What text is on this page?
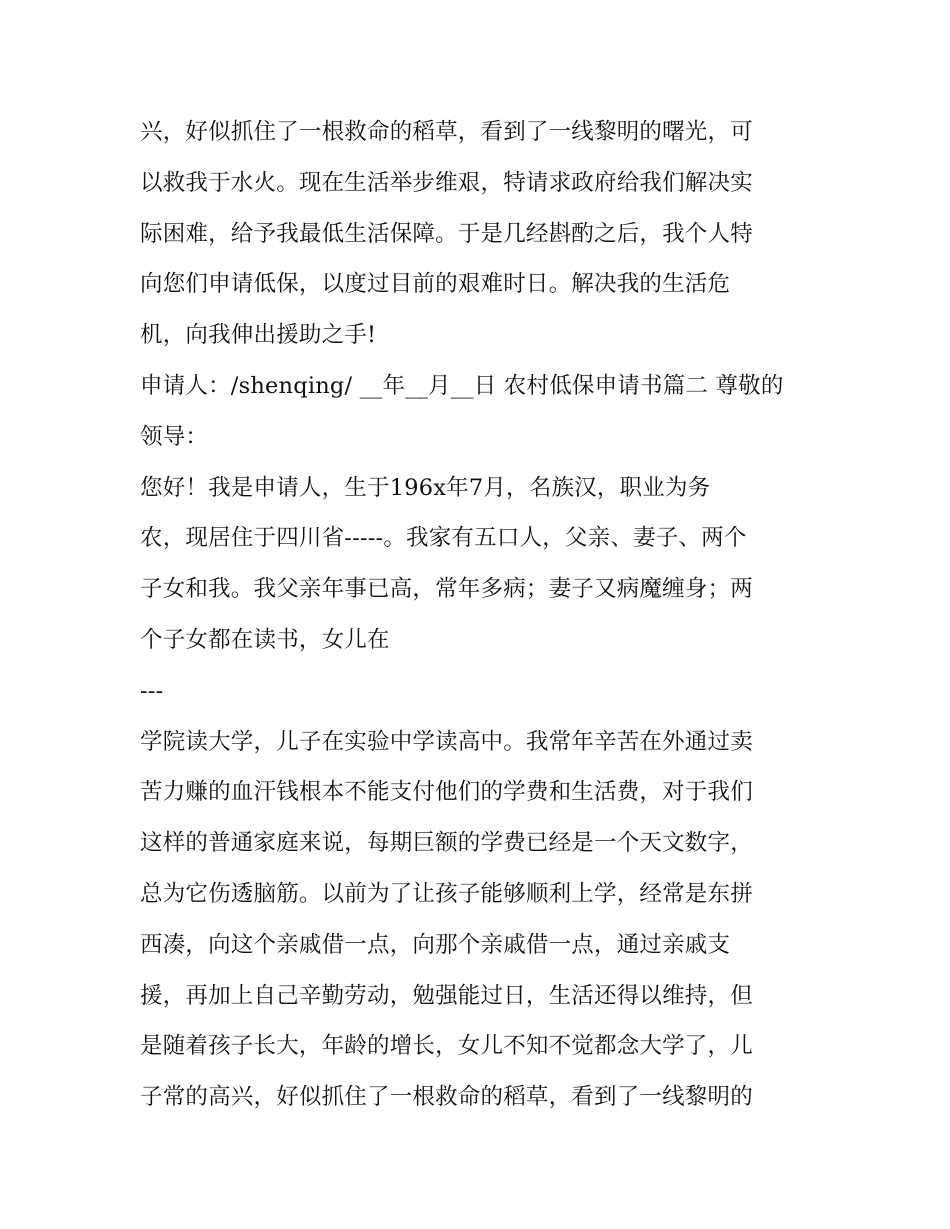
兴，好似抓住了一根救命的稻草，看到了一线黎明的曙光，可
以救我于水火。现在生活举步维艰，特请求政府给我们解决实
际困难，给予我最低生活保障。于是几经斟酌之后，我个人特
向您们申请低保，以度过目前的艰难时日。解决我的生活危
机，向我伸出援助之手!
申请人：/shenqing/ __年__月__日 农村低保申请书篇二 尊敬的
领导：
您好！我是申请人，生于196x年7月，名族汉，职业为务
农，现居住于四川省-----。我家有五口人，父亲、妻子、两个
子女和我。我父亲年事已高，常年多病；妻子又病魔缠身；两
个子女都在读书，女儿在
---
学院读大学，儿子在实验中学读高中。我常年辛苦在外通过卖
苦力赚的血汗钱根本不能支付他们的学费和生活费，对于我们
这样的普通家庭来说，每期巨额的学费已经是一个天文数字，
总为它伤透脑筋。以前为了让孩子能够顺利上学，经常是东拼
西凑，向这个亲戚借一点，向那个亲戚借一点，通过亲戚支
援，再加上自己辛勤劳动，勉强能过日，生活还得以维持，但
是随着孩子长大，年龄的增长，女儿不知不觉都念大学了，儿
子常的高兴，好似抓住了一根救命的稻草，看到了一线黎明的
